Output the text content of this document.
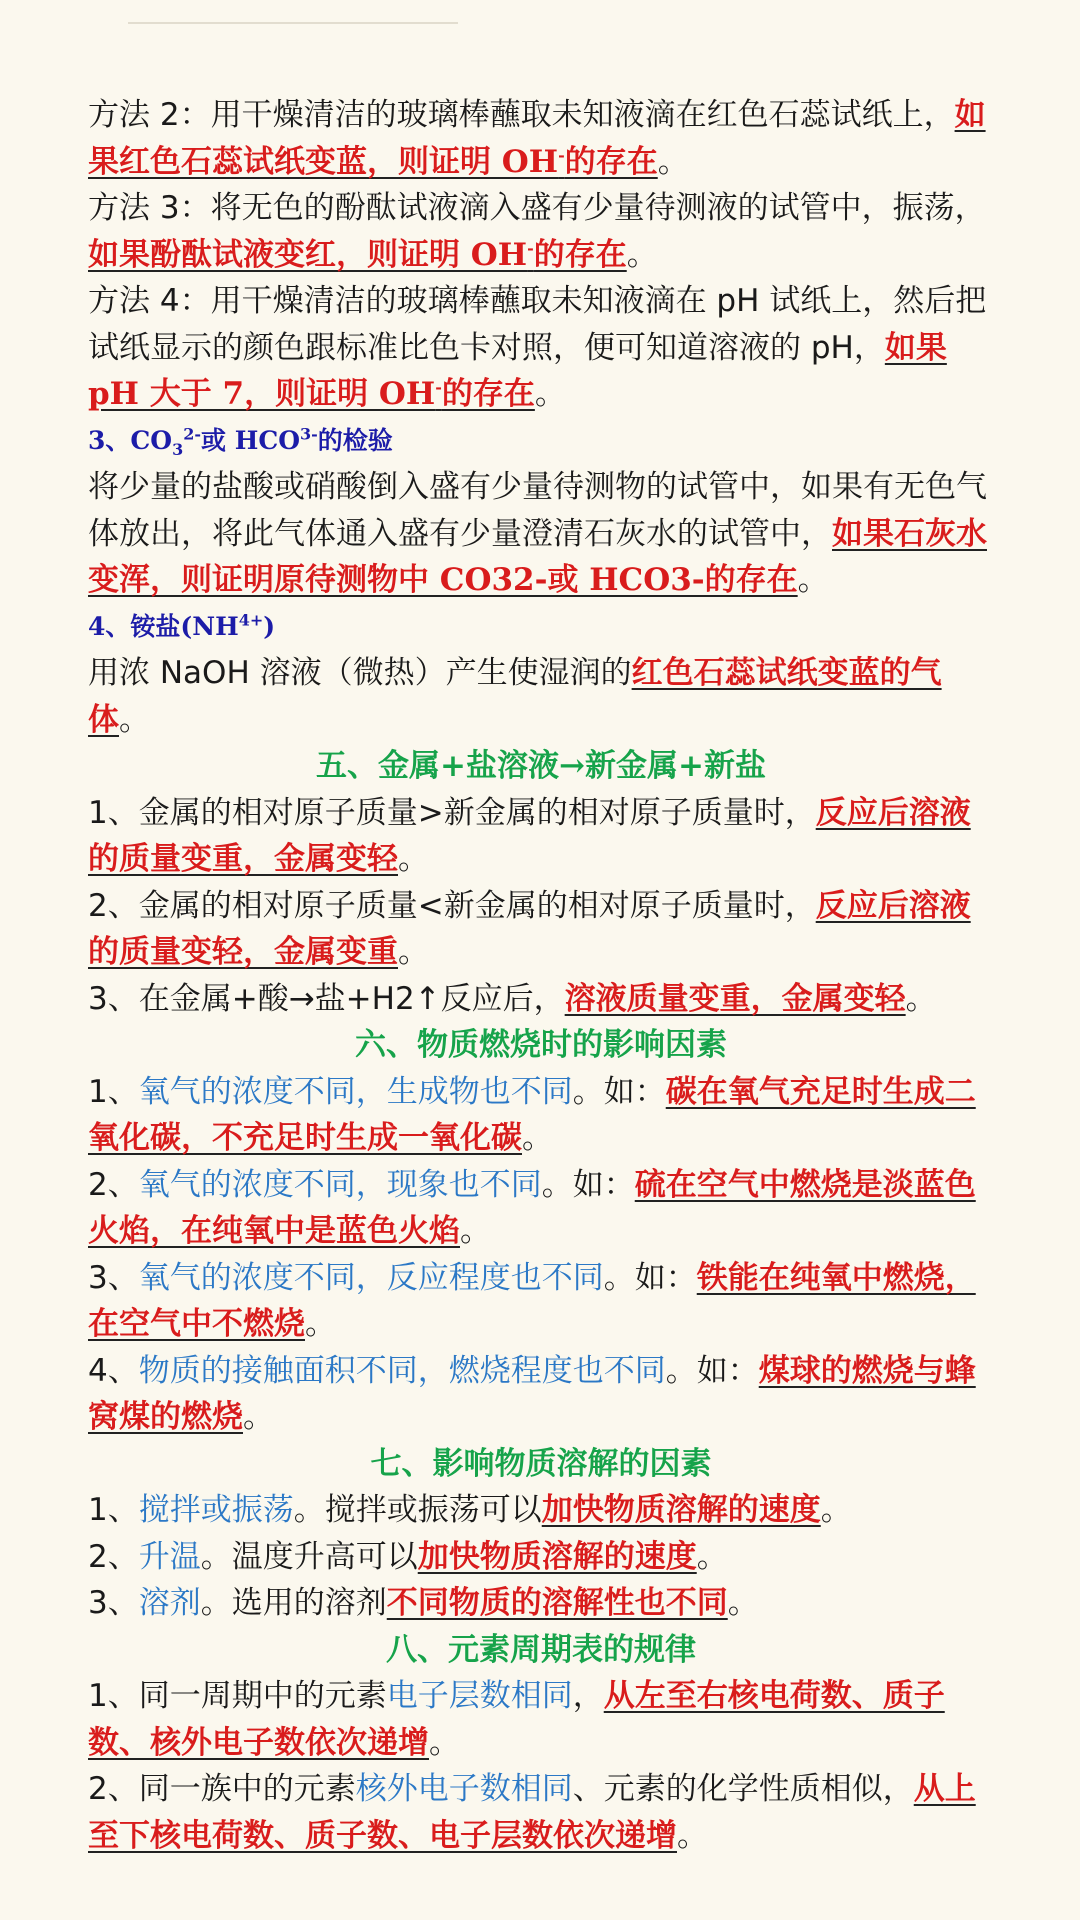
方法 2：用干燥清洁的玻璃棒蘸取未知液滴在红色石蕊试纸上，如果红色石蕊试纸变蓝，则证明 OH-的存在。

方法 3：将无色的酚酞试液滴入盛有少量待测液的试管中，振荡，如果酚酞试液变红，则证明 OH-的存在。

方法 4：用干燥清洁的玻璃棒蘸取未知液滴在 pH 试纸上，然后把试纸显示的颜色跟标准比色卡对照，便可知道溶液的 pH，如果 pH 大于 7，则证明 OH-的存在。

3、$CO_3^{2-}$或 $HCO^{3-}$的检验

将少量的盐酸或硝酸倒入盛有少量待测物的试管中，如果有无色气体放出，将此气体通入盛有少量澄清石灰水的试管中，如果石灰水变浑，则证明原待测物中 CO32-或 HCO3-的存在。

4、铵盐$(NH^{4+})$

用浓 NaOH 溶液（微热）产生使湿润的红色石蕊试纸变蓝的气体。

五、金属+盐溶液→新金属+新盐

1、金属的相对原子质量>新金属的相对原子质量时，反应后溶液的质量变重，金属变轻。

2、金属的相对原子质量<新金属的相对原子质量时，反应后溶液的质量变轻，金属变重。

3、在金属+酸→盐+H2↑反应后，溶液质量变重，金属变轻。

六、物质燃烧时的影响因素

1、氧气的浓度不同，生成物也不同。如：碳在氧气充足时生成二氧化碳，不充足时生成一氧化碳。

2、氧气的浓度不同，现象也不同。如：硫在空气中燃烧是淡蓝色火焰，在纯氧中是蓝色火焰。

3、氧气的浓度不同，反应程度也不同。如：铁能在纯氧中燃烧，在空气中不燃烧。

4、物质的接触面积不同，燃烧程度也不同。如：煤球的燃烧与蜂窝煤的燃烧。

七、影响物质溶解的因素

1、搅拌或振荡。搅拌或振荡可以加快物质溶解的速度。

2、升温。温度升高可以加快物质溶解的速度。

3、溶剂。选用的溶剂不同物质的溶解性也不同。

八、元素周期表的规律

1、同一周期中的元素电子层数相同，从左至右核电荷数、质子数、核外电子数依次递增。

2、同一族中的元素核外电子数相同、元素的化学性质相似，从上至下核电荷数、质子数、电子层数依次递增。
